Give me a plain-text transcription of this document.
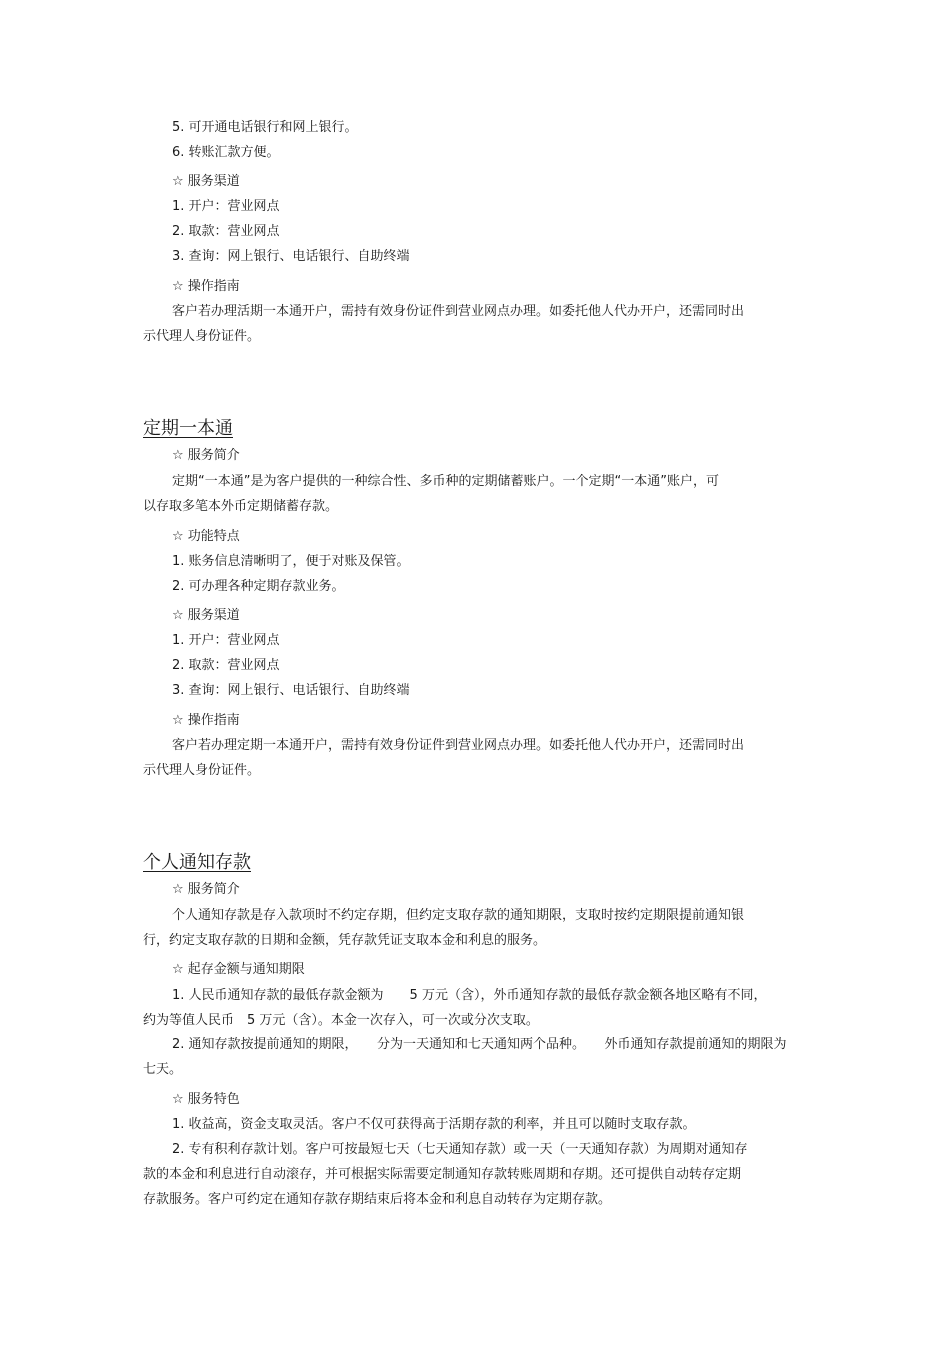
5. 可开通电话银行和网上银行。
6. 转账汇款方便。
☆ 服务渠道
1. 开户：营业网点
2. 取款：营业网点
3. 查询：网上银行、电话银行、自助终端
☆ 操作指南
客户若办理活期一本通开户，需持有效身份证件到营业网点办理。如委托他人代办开户，还需同时出
示代理人身份证件。
定期一本通
☆ 服务简介
定期“一本通”是为客户提供的一种综合性、多币种的定期储蓄账户。一个定期“一本通”账户，可
以存取多笔本外币定期储蓄存款。
☆ 功能特点
1. 账务信息清晰明了，便于对账及保管。
2. 可办理各种定期存款业务。
☆ 服务渠道
1. 开户：营业网点
2. 取款：营业网点
3. 查询：网上银行、电话银行、自助终端
☆ 操作指南
客户若办理定期一本通开户，需持有效身份证件到营业网点办理。如委托他人代办开户，还需同时出
示代理人身份证件。
个人通知存款
☆ 服务简介
个人通知存款是存入款项时不约定存期，但约定支取存款的通知期限，支取时按约定期限提前通知银
行，约定支取存款的日期和金额，凭存款凭证支取本金和利息的服务。
☆ 起存金额与通知期限
1. 人民币通知存款的最低存款金额为　　5 万元（含），外币通知存款的最低存款金额各地区略有不同，
约为等值人民币　5 万元（含）。本金一次存入，可一次或分次支取。
2. 通知存款按提前通知的期限，　　分为一天通知和七天通知两个品种。　　外币通知存款提前通知的期限为
七天。
☆ 服务特色
1. 收益高，资金支取灵活。客户不仅可获得高于活期存款的利率，并且可以随时支取存款。
2. 专有积利存款计划。客户可按最短七天（七天通知存款）或一天（一天通知存款）为周期对通知存
款的本金和利息进行自动滚存，并可根据实际需要定制通知存款转账周期和存期。还可提供自动转存定期
存款服务。客户可约定在通知存款存期结束后将本金和利息自动转存为定期存款。
